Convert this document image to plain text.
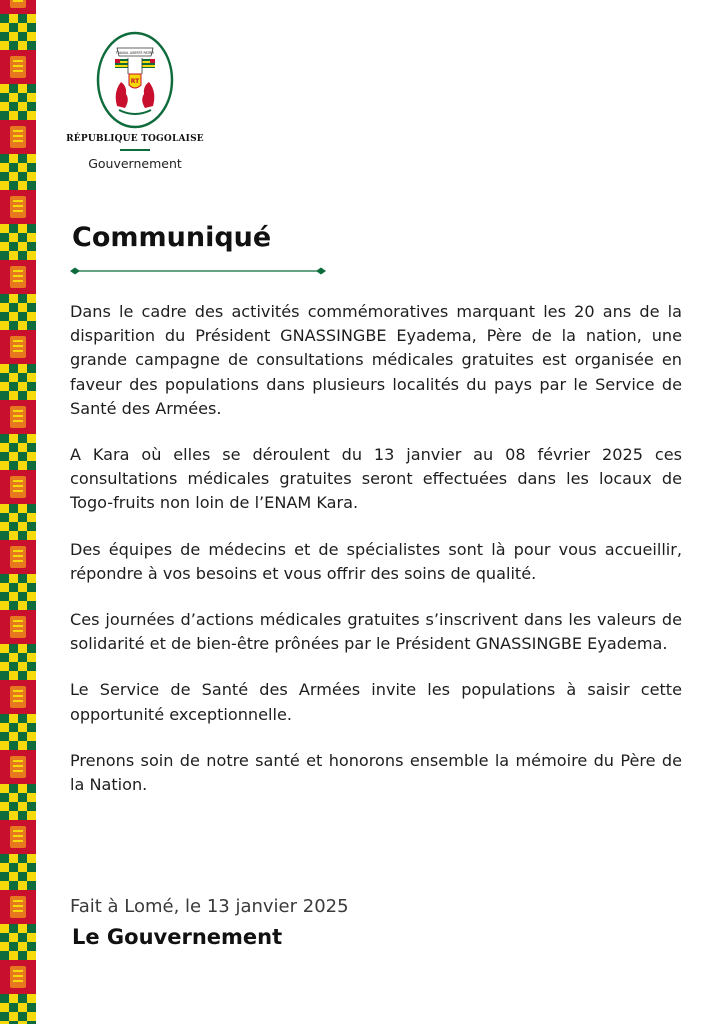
TRAVAIL LIBERTÉ PATRIE
RT
RÉPUBLIQUE TOGOLAISE
Gouvernement
Communiqué

Dans le cadre des activités commémoratives marquant les 20 ans de la disparition du Président GNASSINGBE Eyadema, Père de la nation, une grande campagne de consultations médicales gratuites est organisée en faveur des populations dans plusieurs localités du pays par le Service de Santé des Armées.

A Kara où elles se déroulent du 13 janvier au 08 février 2025 ces consultations médicales gratuites seront effectuées dans les locaux de Togo-fruits non loin de l’ENAM Kara.

Des équipes de médecins et de spécialistes sont là pour vous accueillir, répondre à vos besoins et vous offrir des soins de qualité.

Ces journées d’actions médicales gratuites s’inscrivent dans les valeurs de solidarité et de bien-être prônées par le Président GNASSINGBE Eyadema.

Le Service de Santé des Armées invite les populations à saisir cette opportunité exceptionnelle.

Prenons soin de notre santé et honorons ensemble la mémoire du Père de la Nation.

Fait à Lomé, le 13 janvier 2025
Le Gouvernement
